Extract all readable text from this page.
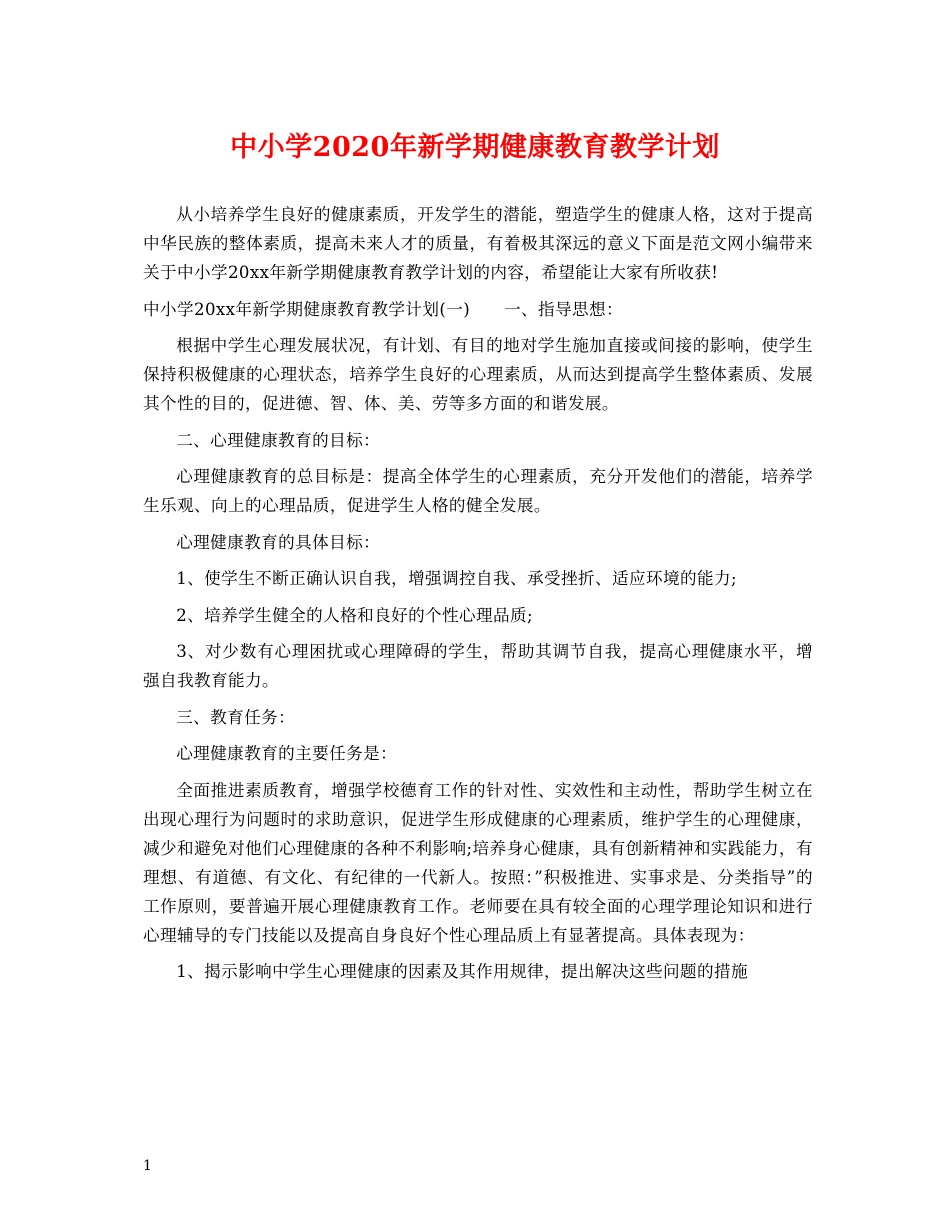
中小学2020年新学期健康教育教学计划

从小培养学生良好的健康素质，开发学生的潜能，塑造学生的健康人格，这对于提高中华民族的整体素质，提高未来人才的质量，有着极其深远的意义下面是范文网小编带来关于中小学20xx年新学期健康教育教学计划的内容，希望能让大家有所收获!

中小学20xx年新学期健康教育教学计划(一)　　一、指导思想：

根据中学生心理发展状况，有计划、有目的地对学生施加直接或间接的影响，使学生保持积极健康的心理状态，培养学生良好的心理素质，从而达到提高学生整体素质、发展其个性的目的，促进德、智、体、美、劳等多方面的和谐发展。

二、心理健康教育的目标：

心理健康教育的总目标是：提高全体学生的心理素质，充分开发他们的潜能，培养学生乐观、向上的心理品质，促进学生人格的健全发展。

心理健康教育的具体目标：

1、使学生不断正确认识自我，增强调控自我、承受挫折、适应环境的能力;

2、培养学生健全的人格和良好的个性心理品质;

3、对少数有心理困扰或心理障碍的学生，帮助其调节自我，提高心理健康水平，增强自我教育能力。

三、教育任务：

心理健康教育的主要任务是：

全面推进素质教育，增强学校德育工作的针对性、实效性和主动性，帮助学生树立在出现心理行为问题时的求助意识，促进学生形成健康的心理素质，维护学生的心理健康，减少和避免对他们心理健康的各种不利影响;培养身心健康，具有创新精神和实践能力，有理想、有道德、有文化、有纪律的一代新人。按照：”积极推进、实事求是、分类指导”的工作原则，要普遍开展心理健康教育工作。老师要在具有较全面的心理学理论知识和进行心理辅导的专门技能以及提高自身良好个性心理品质上有显著提高。具体表现为：

1、揭示影响中学生心理健康的因素及其作用规律，提出解决这些问题的措施

1
